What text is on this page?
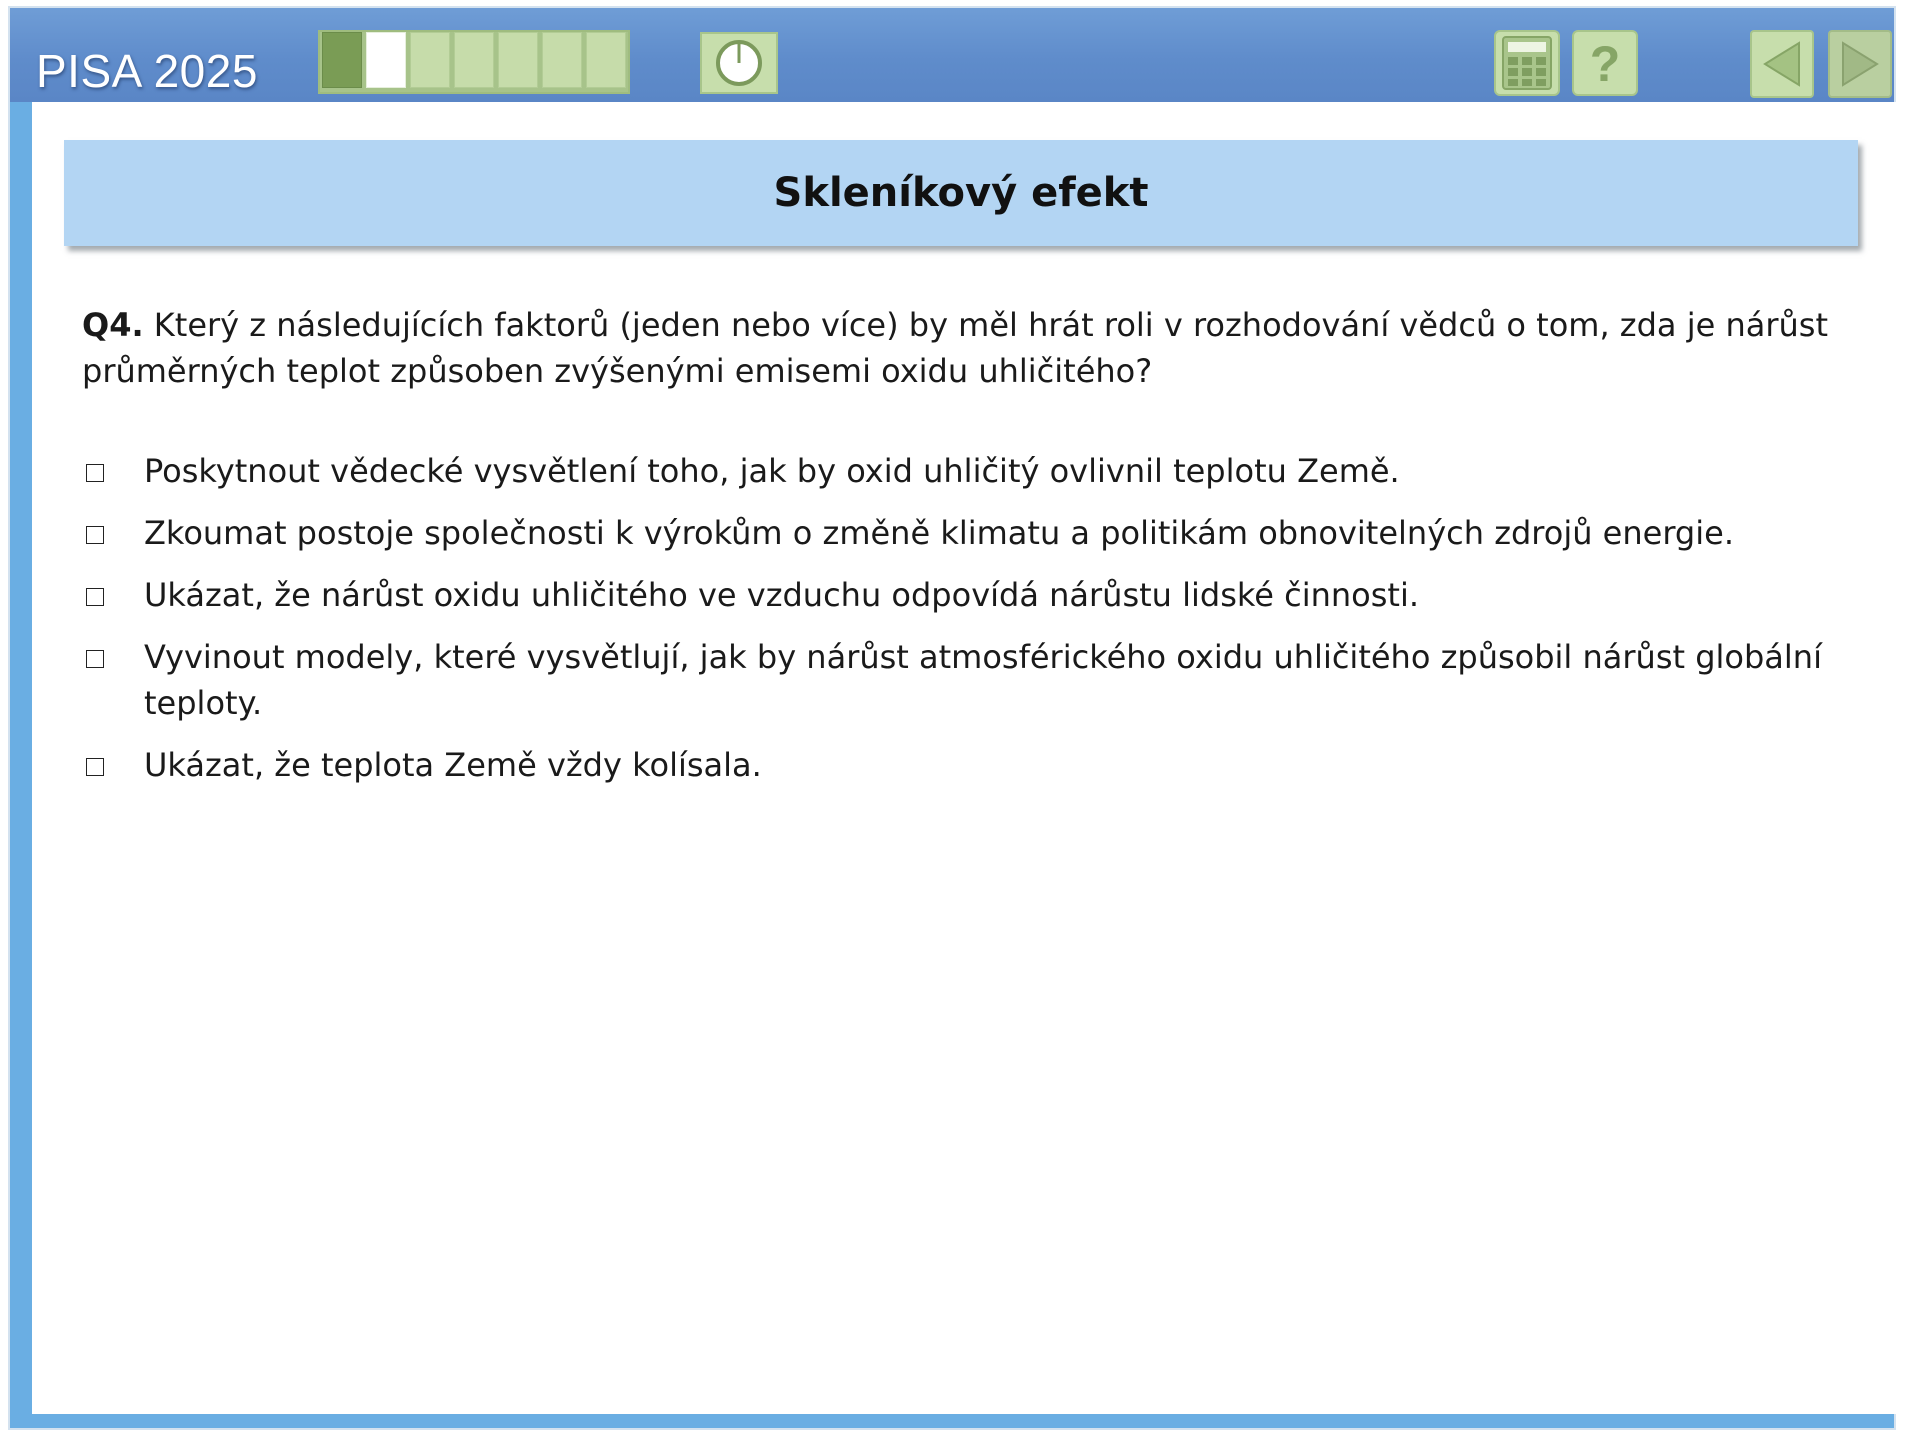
PISA 2025	?
Skleníkový efekt
Q4. Který z následujících faktorů (jeden nebo více) by měl hrát roli v rozhodování vědců o tom, zda je nárůst průměrných teplot způsoben zvýšenými emisemi oxidu uhličitého?
Poskytnout vědecké vysvětlení toho, jak by oxid uhličitý ovlivnil teplotu Země.
Zkoumat postoje společnosti k výrokům o změně klimatu a politikám obnovitelných zdrojů energie.
Ukázat, že nárůst oxidu uhličitého ve vzduchu odpovídá nárůstu lidské činnosti.
Vyvinout modely, které vysvětlují, jak by nárůst atmosférického oxidu uhličitého způsobil nárůst globální teploty.
Ukázat, že teplota Země vždy kolísala.
